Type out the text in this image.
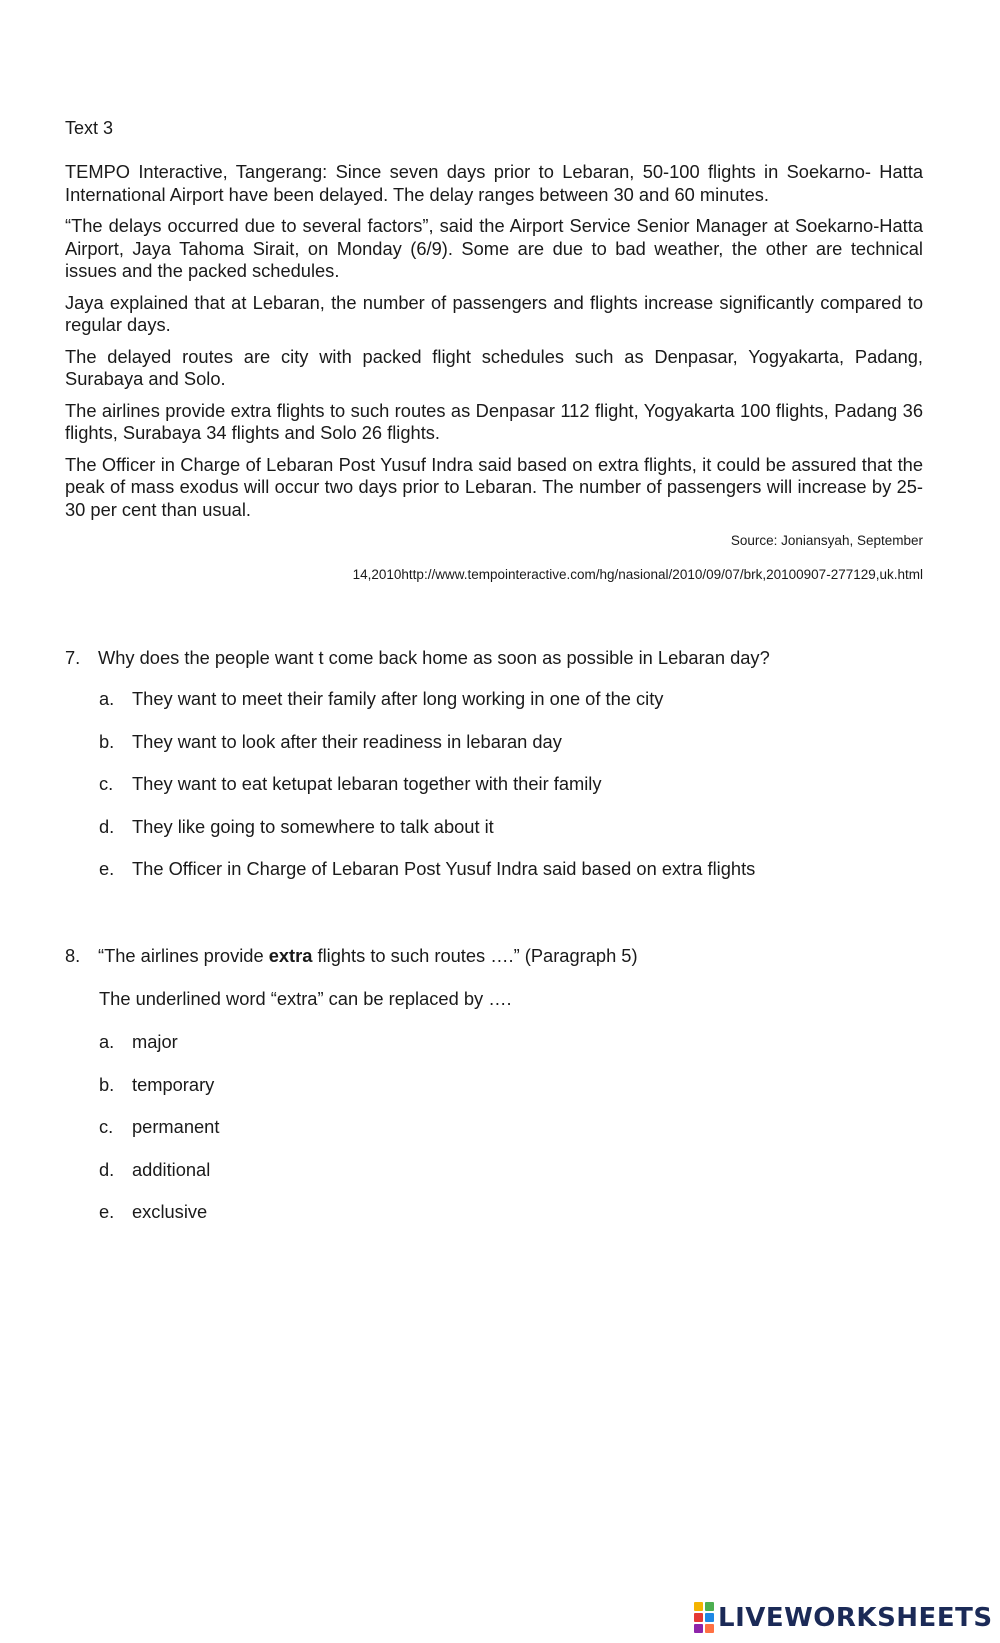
Text 3

TEMPO Interactive, Tangerang: Since seven days prior to Lebaran, 50-100 flights in Soekarno- Hatta International Airport have been delayed. The delay ranges between 30 and 60 minutes.

“The delays occurred due to several factors”, said the Airport Service Senior Manager at Soekarno-Hatta Airport, Jaya Tahoma Sirait, on Monday (6/9). Some are due to bad weather, the other are technical issues and the packed schedules.

Jaya explained that at Lebaran, the number of passengers and flights increase significantly compared to regular days.

The delayed routes are city with packed flight schedules such as Denpasar, Yogyakarta, Padang, Surabaya and Solo.

The airlines provide extra flights to such routes as Denpasar 112 flight, Yogyakarta 100 flights, Padang 36 flights, Surabaya 34 flights and Solo 26 flights.

The Officer in Charge of Lebaran Post Yusuf Indra said based on extra flights, it could be assured that the peak of mass exodus will occur two days prior to Lebaran. The number of passengers will increase by 25-30 per cent than usual.

Source: Joniansyah, September
14,2010http://www.tempointeractive.com/hg/nasional/2010/09/07/brk,20100907-277129,uk.html
7. Why does the people want t come back home as soon as possible in Lebaran day?
a. They want to meet their family after long working in one of the city
b. They want to look after their readiness in lebaran day
c. They want to eat ketupat lebaran together with their family
d. They like going to somewhere to talk about it
e. The Officer in Charge of Lebaran Post Yusuf Indra said based on extra flights
8. “The airlines provide extra flights to such routes ….” (Paragraph 5)
The underlined word “extra” can be replaced by ….
a. major
b. temporary
c. permanent
d. additional
e. exclusive
LIVEWORKSHEETS
